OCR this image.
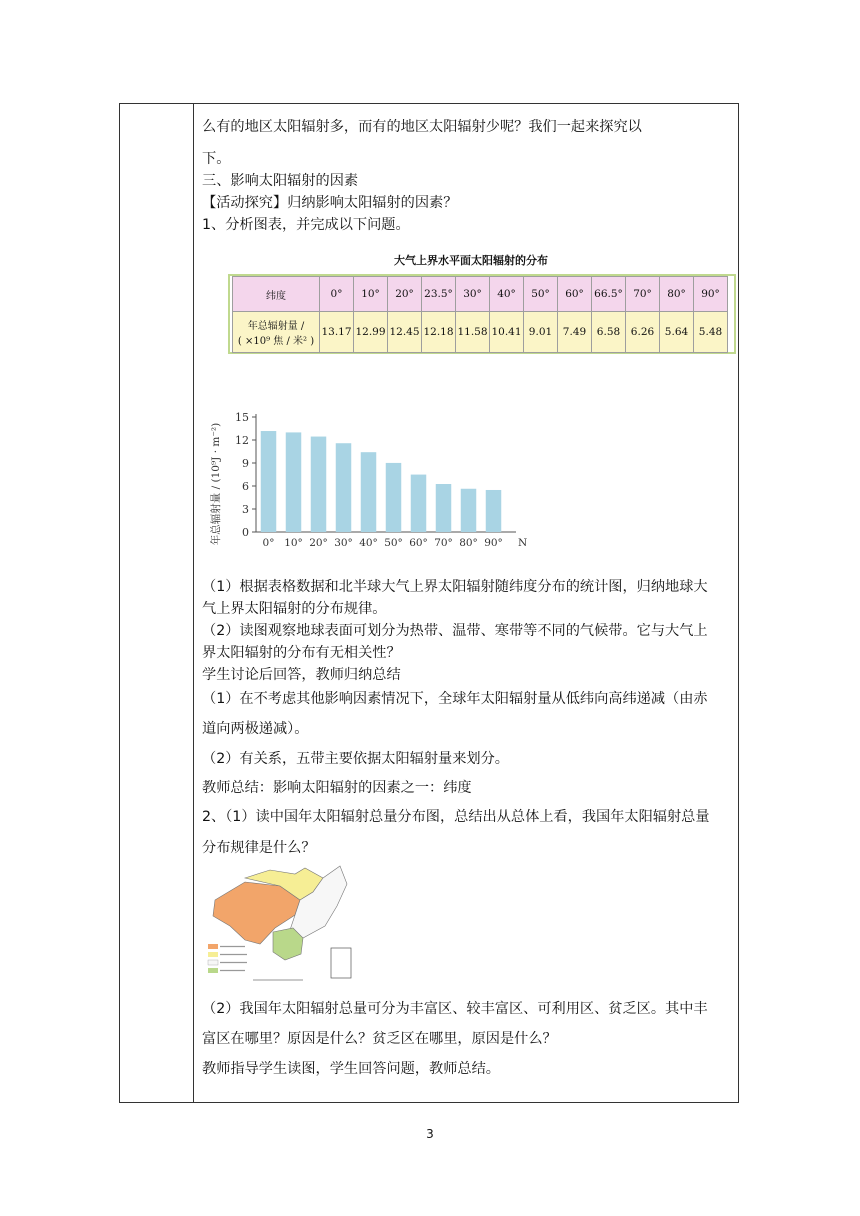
么有的地区太阳辐射多，而有的地区太阳辐射少呢？我们一起来探究以
下。
三、影响太阳辐射的因素
【活动探究】归纳影响太阳辐射的因素？
1、分析图表，并完成以下问题。
大气上界水平面太阳辐射的分布
纬度	0°	10°	20°	23.5°	30°	40°	50°	60°	66.5°	70°	80°	90°

年总辐射量 /
( ×10⁹ 焦 / 米² )	13.17	12.99	12.45	12.18	11.58	10.41	9.01	7.49	6.58	6.26	5.64	5.48
年总辐射量 / (10⁹J · m⁻²) 0
3
6
9
12
15
0° 10° 20° 30° 40° 50° 60° 70° 80° 90° N
（1）根据表格数据和北半球大气上界太阳辐射随纬度分布的统计图，归纳地球大
气上界太阳辐射的分布规律。
（2）读图观察地球表面可划分为热带、温带、寒带等不同的气候带。它与大气上
界太阳辐射的分布有无相关性？
学生讨论后回答，教师归纳总结
（1）在不考虑其他影响因素情况下，全球年太阳辐射量从低纬向高纬递减（由赤
道向两极递减）。
（2）有关系，五带主要依据太阳辐射量来划分。
教师总结：影响太阳辐射的因素之一：纬度
2、（1）读中国年太阳辐射总量分布图，总结出从总体上看，我国年太阳辐射总量
分布规律是什么？
（2）我国年太阳辐射总量可分为丰富区、较丰富区、可利用区、贫乏区。其中丰
富区在哪里？原因是什么？贫乏区在哪里，原因是什么？
教师指导学生读图，学生回答问题，教师总结。
3
